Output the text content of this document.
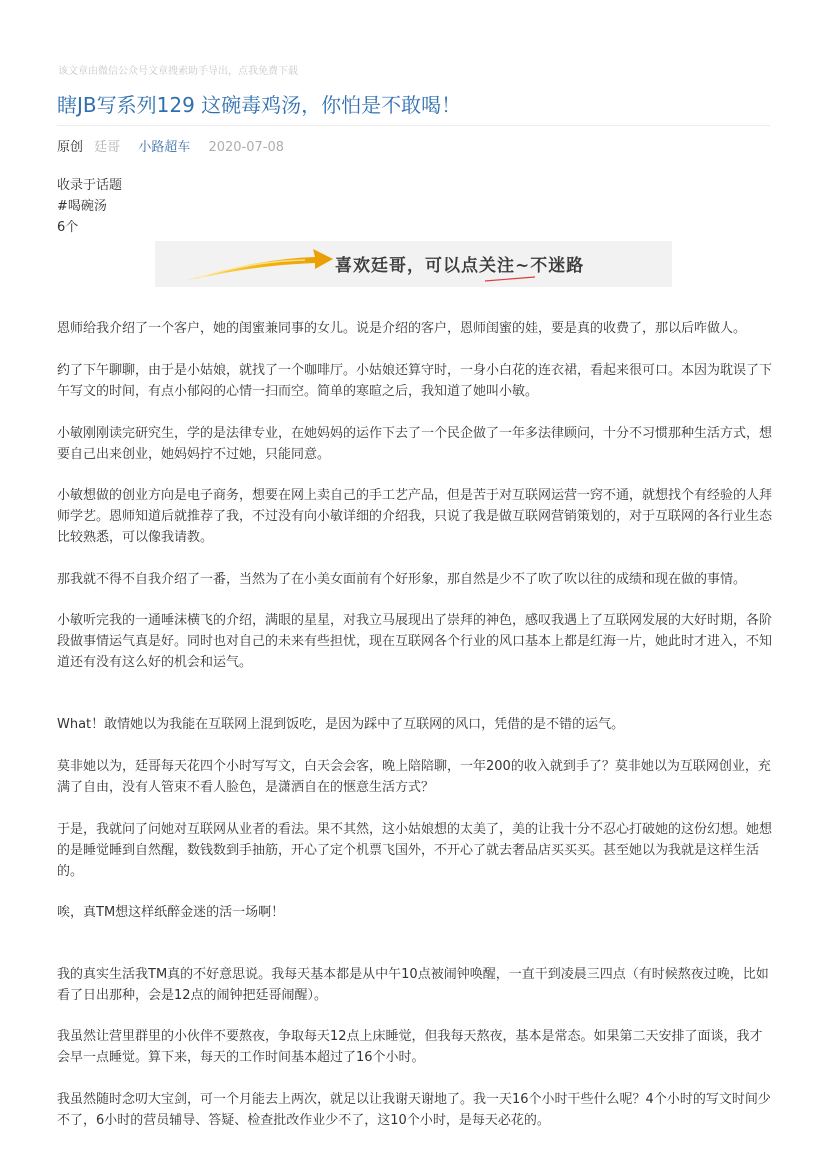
该文章由微信公众号文章搜索助手导出，点我免费下载
瞎JB写系列129 这碗毒鸡汤，你怕是不敢喝！
原创 廷哥 小路超车 2020-07-08
收录于话题
#喝碗汤
6个
喜欢廷哥，可以点关注~不迷路

恩师给我介绍了一个客户，她的闺蜜兼同事的女儿。说是介绍的客户，恩师闺蜜的娃，要是真的收费了，那以后咋做人。

约了下午聊聊，由于是小姑娘，就找了一个咖啡厅。小姑娘还算守时，一身小白花的连衣裙，看起来很可口。本因为耽误了下午写文的时间，有点小郁闷的心情一扫而空。简单的寒暄之后，我知道了她叫小敏。

小敏刚刚读完研究生，学的是法律专业，在她妈妈的运作下去了一个民企做了一年多法律顾问，十分不习惯那种生活方式，想要自己出来创业，她妈妈拧不过她，只能同意。

小敏想做的创业方向是电子商务，想要在网上卖自己的手工艺产品，但是苦于对互联网运营一窍不通，就想找个有经验的人拜师学艺。恩师知道后就推荐了我，不过没有向小敏详细的介绍我，只说了我是做互联网营销策划的，对于互联网的各行业生态比较熟悉，可以像我请教。

那我就不得不自我介绍了一番，当然为了在小美女面前有个好形象，那自然是少不了吹了吹以往的成绩和现在做的事情。

小敏听完我的一通唾沫横飞的介绍，满眼的星星，对我立马展现出了崇拜的神色，感叹我遇上了互联网发展的大好时期，各阶段做事情运气真是好。同时也对自己的未来有些担忧，现在互联网各个行业的风口基本上都是红海一片，她此时才进入，不知道还有没有这么好的机会和运气。

What！敢情她以为我能在互联网上混到饭吃，是因为踩中了互联网的风口，凭借的是不错的运气。

莫非她以为，廷哥每天花四个小时写写文，白天会会客，晚上陪陪聊，一年200的收入就到手了？莫非她以为互联网创业，充满了自由，没有人管束不看人脸色，是潇洒自在的惬意生活方式？

于是，我就问了问她对互联网从业者的看法。果不其然，这小姑娘想的太美了，美的让我十分不忍心打破她的这份幻想。她想的是睡觉睡到自然醒，数钱数到手抽筋，开心了定个机票飞国外，不开心了就去奢品店买买买。甚至她以为我就是这样生活的。

唉，真TM想这样纸醉金迷的活一场啊！

我的真实生活我TM真的不好意思说。我每天基本都是从中午10点被闹钟唤醒，一直干到凌晨三四点（有时候熬夜过晚，比如看了日出那种，会是12点的闹钟把廷哥闹醒）。

我虽然让营里群里的小伙伴不要熬夜，争取每天12点上床睡觉，但我每天熬夜，基本是常态。如果第二天安排了面谈，我才会早一点睡觉。算下来，每天的工作时间基本超过了16个小时。

我虽然随时念叨大宝剑，可一个月能去上两次，就足以让我谢天谢地了。我一天16个小时干些什么呢？4个小时的写文时间少不了，6小时的营员辅导、答疑、检查批改作业少不了，这10个小时，是每天必花的。
